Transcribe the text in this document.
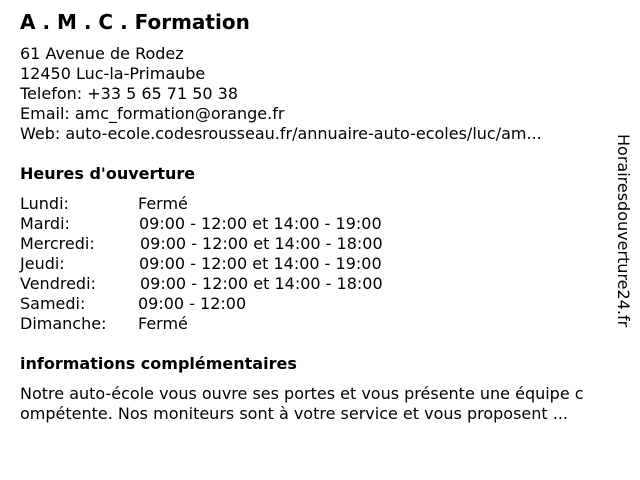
A . M . C . Formation
61 Avenue de Rodez
12450 Luc-la-Primaube
Telefon: +33 5 65 71 50 38
Email: amc_formation@orange.fr
Web: auto-ecole.codesrousseau.fr/annuaire-auto-ecoles/luc/am...
Heures d'ouverture
Lundi:	Fermé
Mardi:	09:00 - 12:00 et 14:00 - 19:00
Mercredi:	09:00 - 12:00 et 14:00 - 18:00
Jeudi:	09:00 - 12:00 et 14:00 - 19:00
Vendredi:	09:00 - 12:00 et 14:00 - 18:00
Samedi:	09:00 - 12:00
Dimanche: Fermé
informations complémentaires
Notre auto-école vous ouvre ses portes et vous présente une équipe c
ompétente. Nos moniteurs sont à votre service et vous proposent ...
Horairesdouverture24.fr
